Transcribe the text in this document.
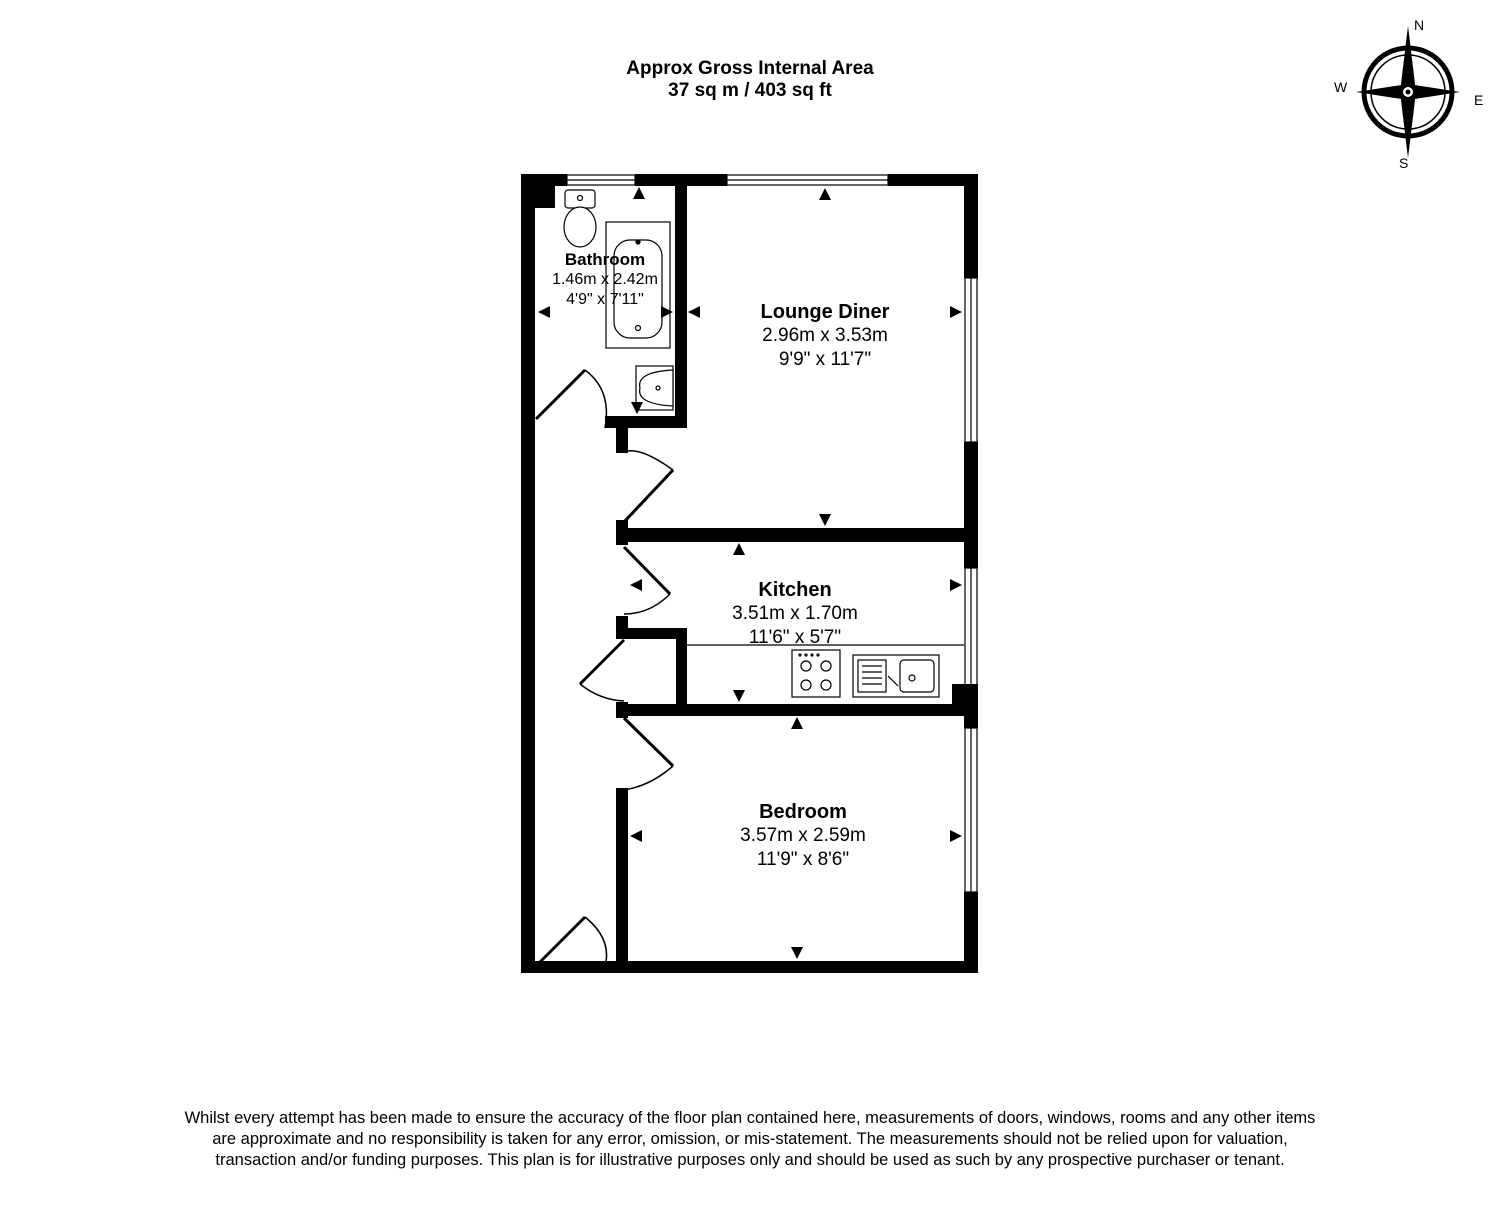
Approx Gross Internal Area
37 sq m / 403 sq ft
N
E
S
W
Bathroom
1.46m x 2.42m
4'9" x 7'11"
Lounge Diner
2.96m x 3.53m
9'9" x 11'7"
Kitchen
3.51m x 1.70m
11'6" x 5'7"
Bedroom
3.57m x 2.59m
11'9" x 8'6"
Whilst every attempt has been made to ensure the accuracy of the floor plan contained here, measurements of doors, windows, rooms and any other items are approximate and no responsibility is taken for any error, omission, or mis-statement. The measurements should not be relied upon for valuation, transaction and/or funding purposes. This plan is for illustrative purposes only and should be used as such by any prospective purchaser or tenant.
